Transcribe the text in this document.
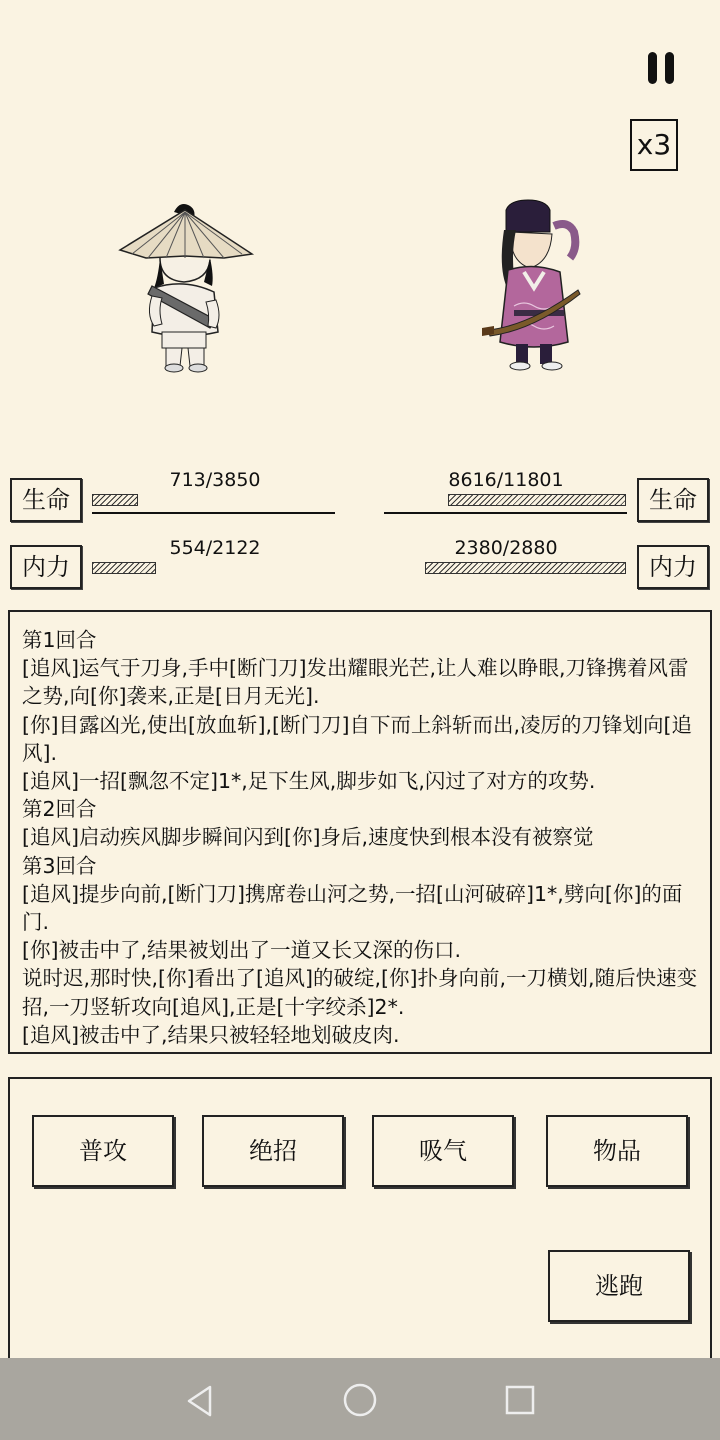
x3
生命
713/3850
内力
554/2122
生命
8616/11801
内力
2380/2880
第1回合
[追风]运气于刀身,手中[断门刀]发出耀眼光芒,让人难以睁眼,刀锋携着风雷之势,向[你]袭来,正是[日月无光].
[你]目露凶光,使出[放血斩],[断门刀]自下而上斜斩而出,凌厉的刀锋划向[追风].
[追风]一招[飘忽不定]1*,足下生风,脚步如飞,闪过了对方的攻势.
第2回合
[追风]启动疾风脚步瞬间闪到[你]身后,速度快到根本没有被察觉
第3回合
[追风]提步向前,[断门刀]携席卷山河之势,一招[山河破碎]1*,劈向[你]的面门.
[你]被击中了,结果被划出了一道又长又深的伤口.
说时迟,那时快,[你]看出了[追风]的破绽,[你]扑身向前,一刀横划,随后快速变招,一刀竖斩攻向[追风],正是[十字绞杀]2*.
[追风]被击中了,结果只被轻轻地划破皮肉.
普攻	绝招	吸气	物品
逃跑
